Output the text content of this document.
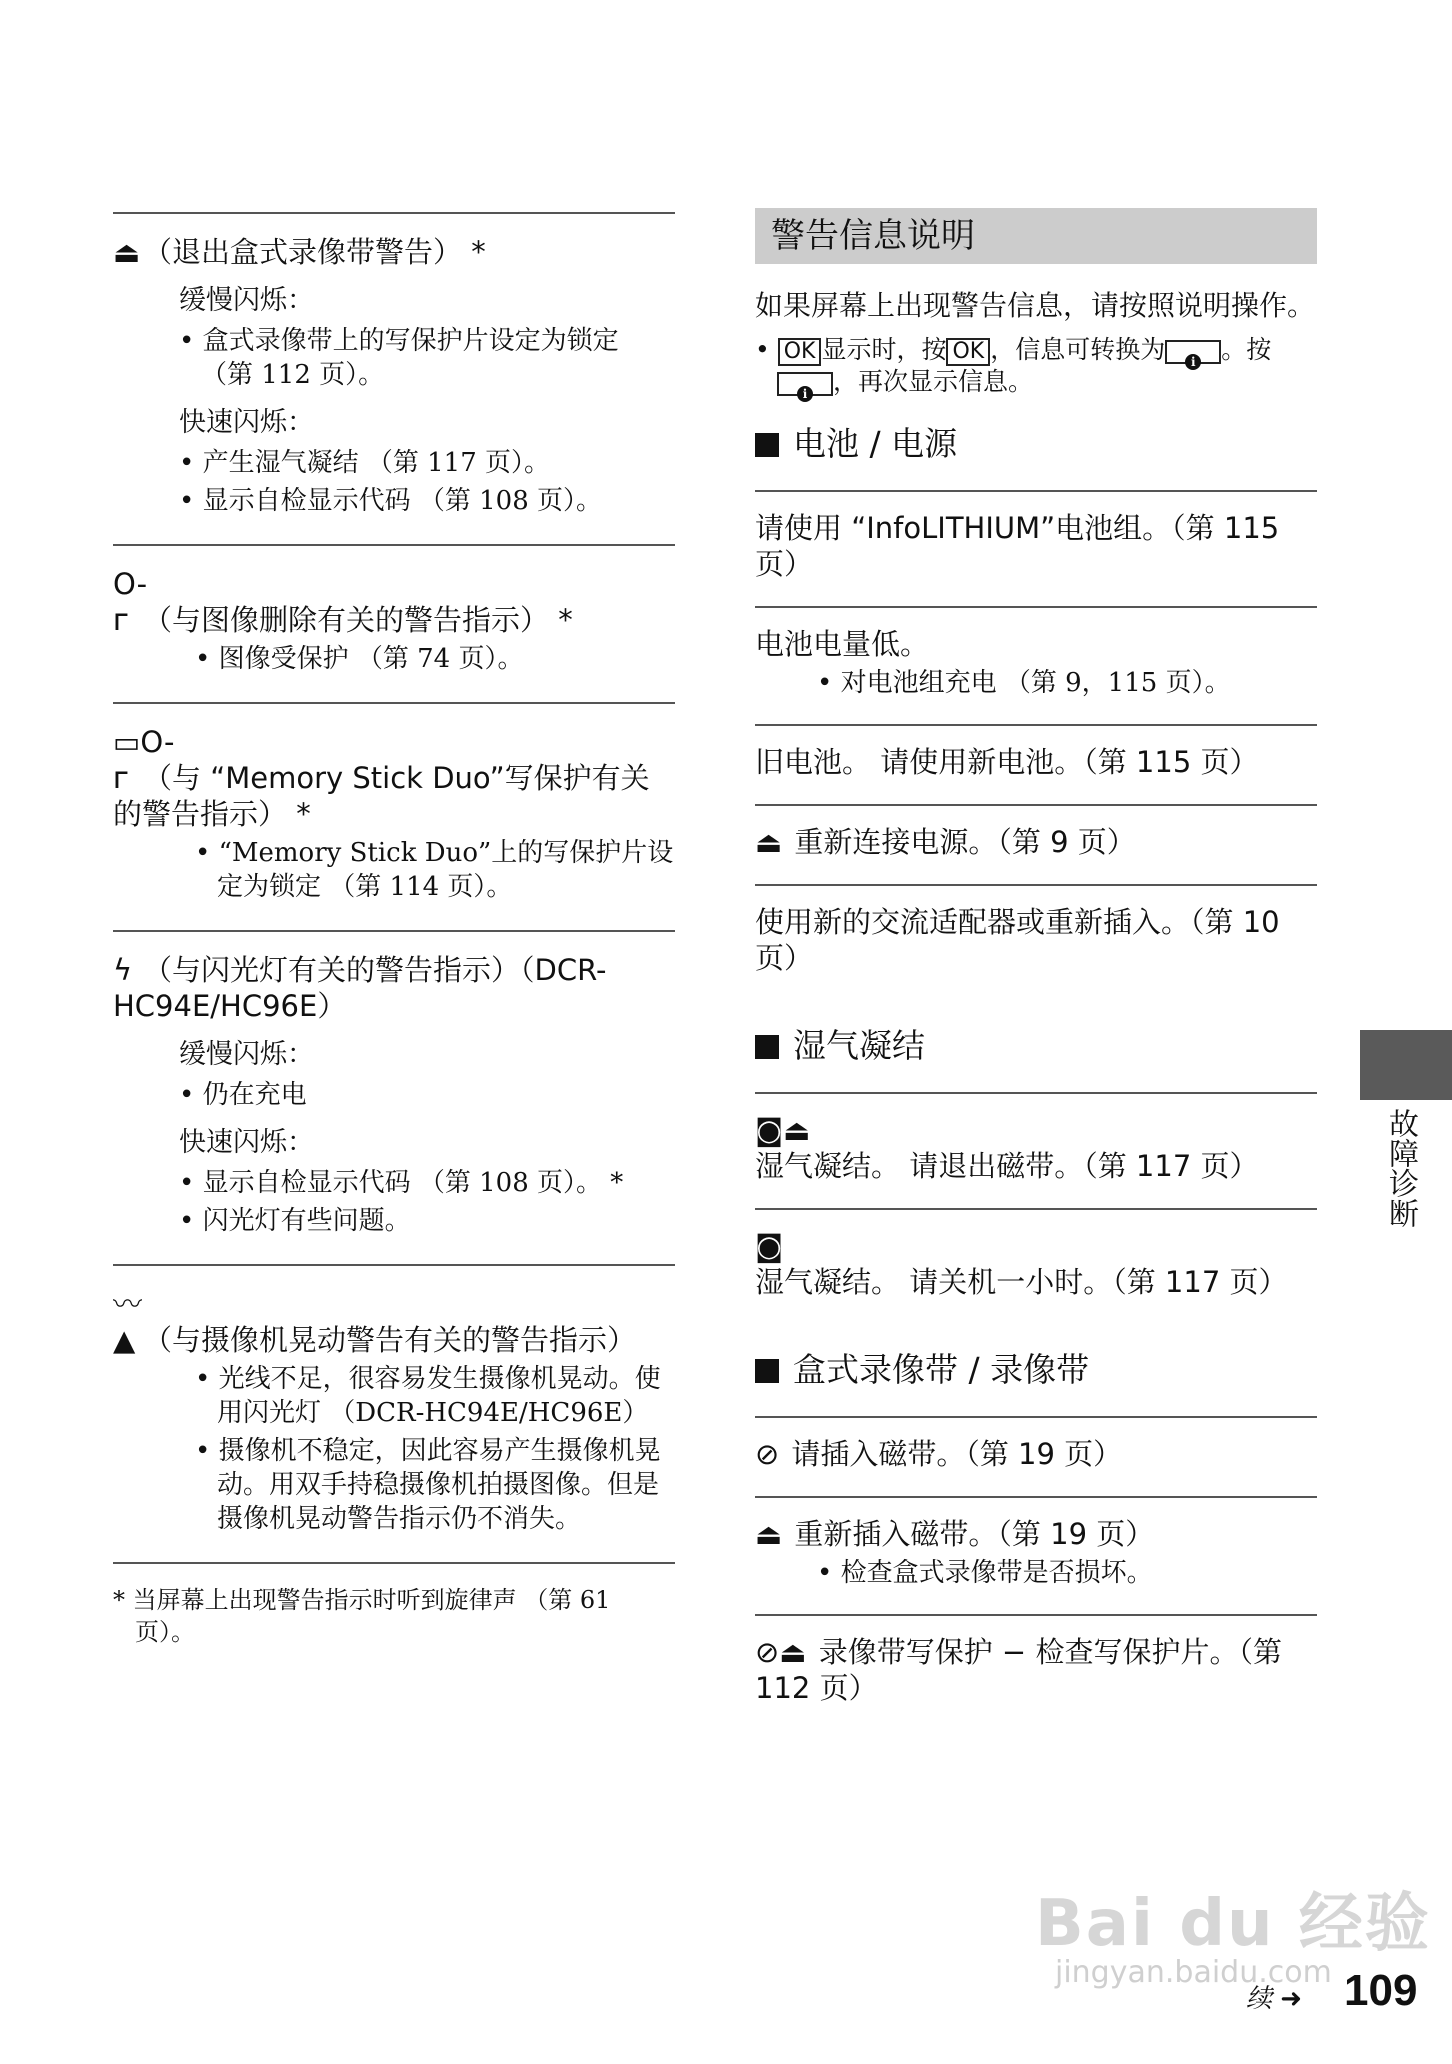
⏏（退出盒式录像带警告） *
缓慢闪烁：
• 盒式录像带上的写保护片设定为锁定 （第 112 页）。
快速闪烁：
• 产生湿气凝结 （第 117 页）。
• 显示自检显示代码 （第 108 页）。
O-ᴦ （与图像删除有关的警告指示） *
• 图像受保护 （第 74 页）。
▭O-ᴦ （与 “Memory Stick Duo”写保护有关的警告指示） *
• “Memory Stick Duo”上的写保护片设定为锁定 （第 114 页）。
ϟ （与闪光灯有关的警告指示）（DCR-HC94E/HC96E）
缓慢闪烁：
• 仍在充电
快速闪烁：
• 显示自检显示代码 （第 108 页）。 *
• 闪光灯有些问题。
〰▲ （与摄像机晃动警告有关的警告指示）
• 光线不足，很容易发生摄像机晃动。使用闪光灯 （DCR-HC94E/HC96E）
• 摄像机不稳定，因此容易产生摄像机晃动。用双手持稳摄像机拍摄图像。但是摄像机晃动警告指示仍不消失。
* 当屏幕上出现警告指示时听到旋律声 （第 61 页）。
警告信息说明
如果屏幕上出现警告信息，请按照说明操作。
• OK 显示时，按 OK ，信息可转换为 i 。按i ，再次显示信息。
电池 / 电源
请使用 “InfoLITHIUM”电池组。（第 115 页）
电池电量低。
• 对电池组充电 （第 9，115 页）。
旧电池。 请使用新电池。（第 115 页）
⏏ 重新连接电源。（第 9 页）
使用新的交流适配器或重新插入。（第 10 页）
湿气凝结
◙⏏湿气凝结。 请退出磁带。（第 117 页）
◙湿气凝结。 请关机一小时。（第 117 页）
盒式录像带 / 录像带
⊘ 请插入磁带。（第 19 页）
⏏ 重新插入磁带。（第 19 页）
• 检查盒式录像带是否损坏。
⊘⏏ 录像带写保护 − 检查写保护片。（第 112 页）
故障诊断
Bai du 经验
jingyan.baidu.com
续 ➜ 109
